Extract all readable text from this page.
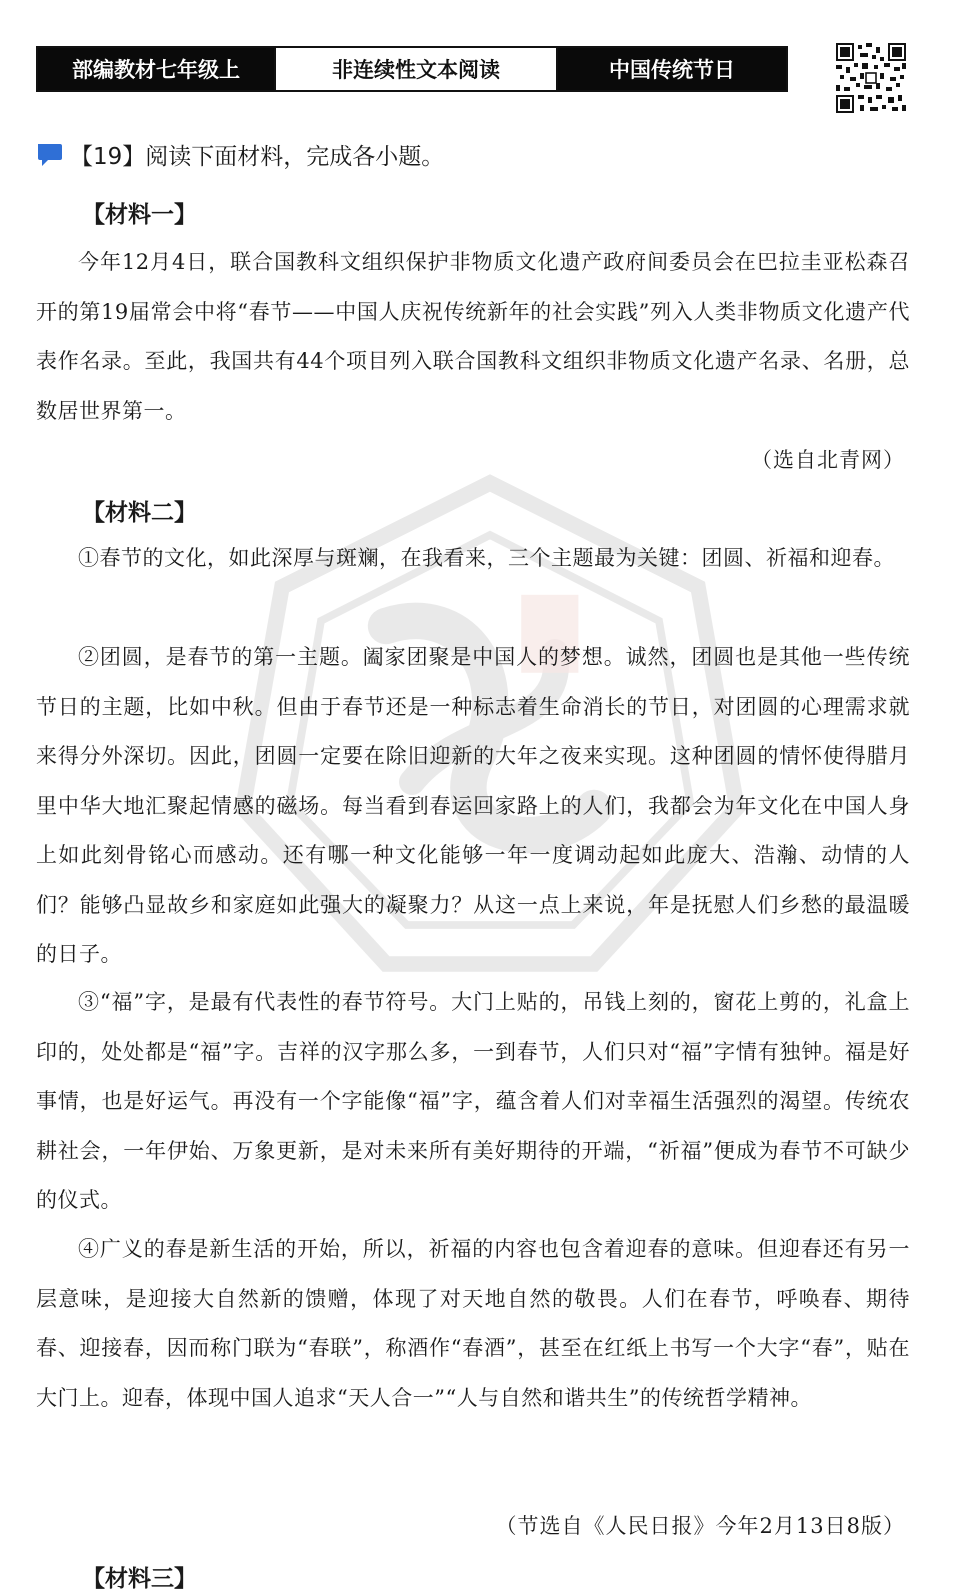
部编教材七年级上	非连续性文本阅读	中国传统节日
【19】阅读下面材料，完成各小题。
【材料一】
今年12月4日，联合国教科文组织保护非物质文化遗产政府间委员会在巴拉圭亚松森召开的第19届常会中将“春节——中国人庆祝传统新年的社会实践”列入人类非物质文化遗产代表作名录。至此，我国共有44个项目列入联合国教科文组织非物质文化遗产名录、名册，总数居世界第一。
（选自北青网）
【材料二】
①春节的文化，如此深厚与斑斓，在我看来，三个主题最为关键：团圆、祈福和迎春。
②团圆，是春节的第一主题。阖家团聚是中国人的梦想。诚然，团圆也是其他一些传统节日的主题，比如中秋。但由于春节还是一种标志着生命消长的节日，对团圆的心理需求就来得分外深切。因此，团圆一定要在除旧迎新的大年之夜来实现。这种团圆的情怀使得腊月里中华大地汇聚起情感的磁场。每当看到春运回家路上的人们，我都会为年文化在中国人身上如此刻骨铭心而感动。还有哪一种文化能够一年一度调动起如此庞大、浩瀚、动情的人们？能够凸显故乡和家庭如此强大的凝聚力？从这一点上来说，年是抚慰人们乡愁的最温暖的日子。
③“福”字，是最有代表性的春节符号。大门上贴的，吊钱上刻的，窗花上剪的，礼盒上印的，处处都是“福”字。吉祥的汉字那么多，一到春节，人们只对“福”字情有独钟。福是好事情，也是好运气。再没有一个字能像“福”字，蕴含着人们对幸福生活强烈的渴望。传统农耕社会，一年伊始、万象更新，是对未来所有美好期待的开端，“祈福”便成为春节不可缺少的仪式。
④广义的春是新生活的开始，所以，祈福的内容也包含着迎春的意味。但迎春还有另一层意味，是迎接大自然新的馈赠，体现了对天地自然的敬畏。人们在春节，呼唤春、期待春、迎接春，因而称门联为“春联”，称酒作“春酒”，甚至在红纸上书写一个大字“春”，贴在大门上。迎春，体现中国人追求“天人合一”“人与自然和谐共生”的传统哲学精神。
（节选自《人民日报》今年2月13日8版）
【材料三】
